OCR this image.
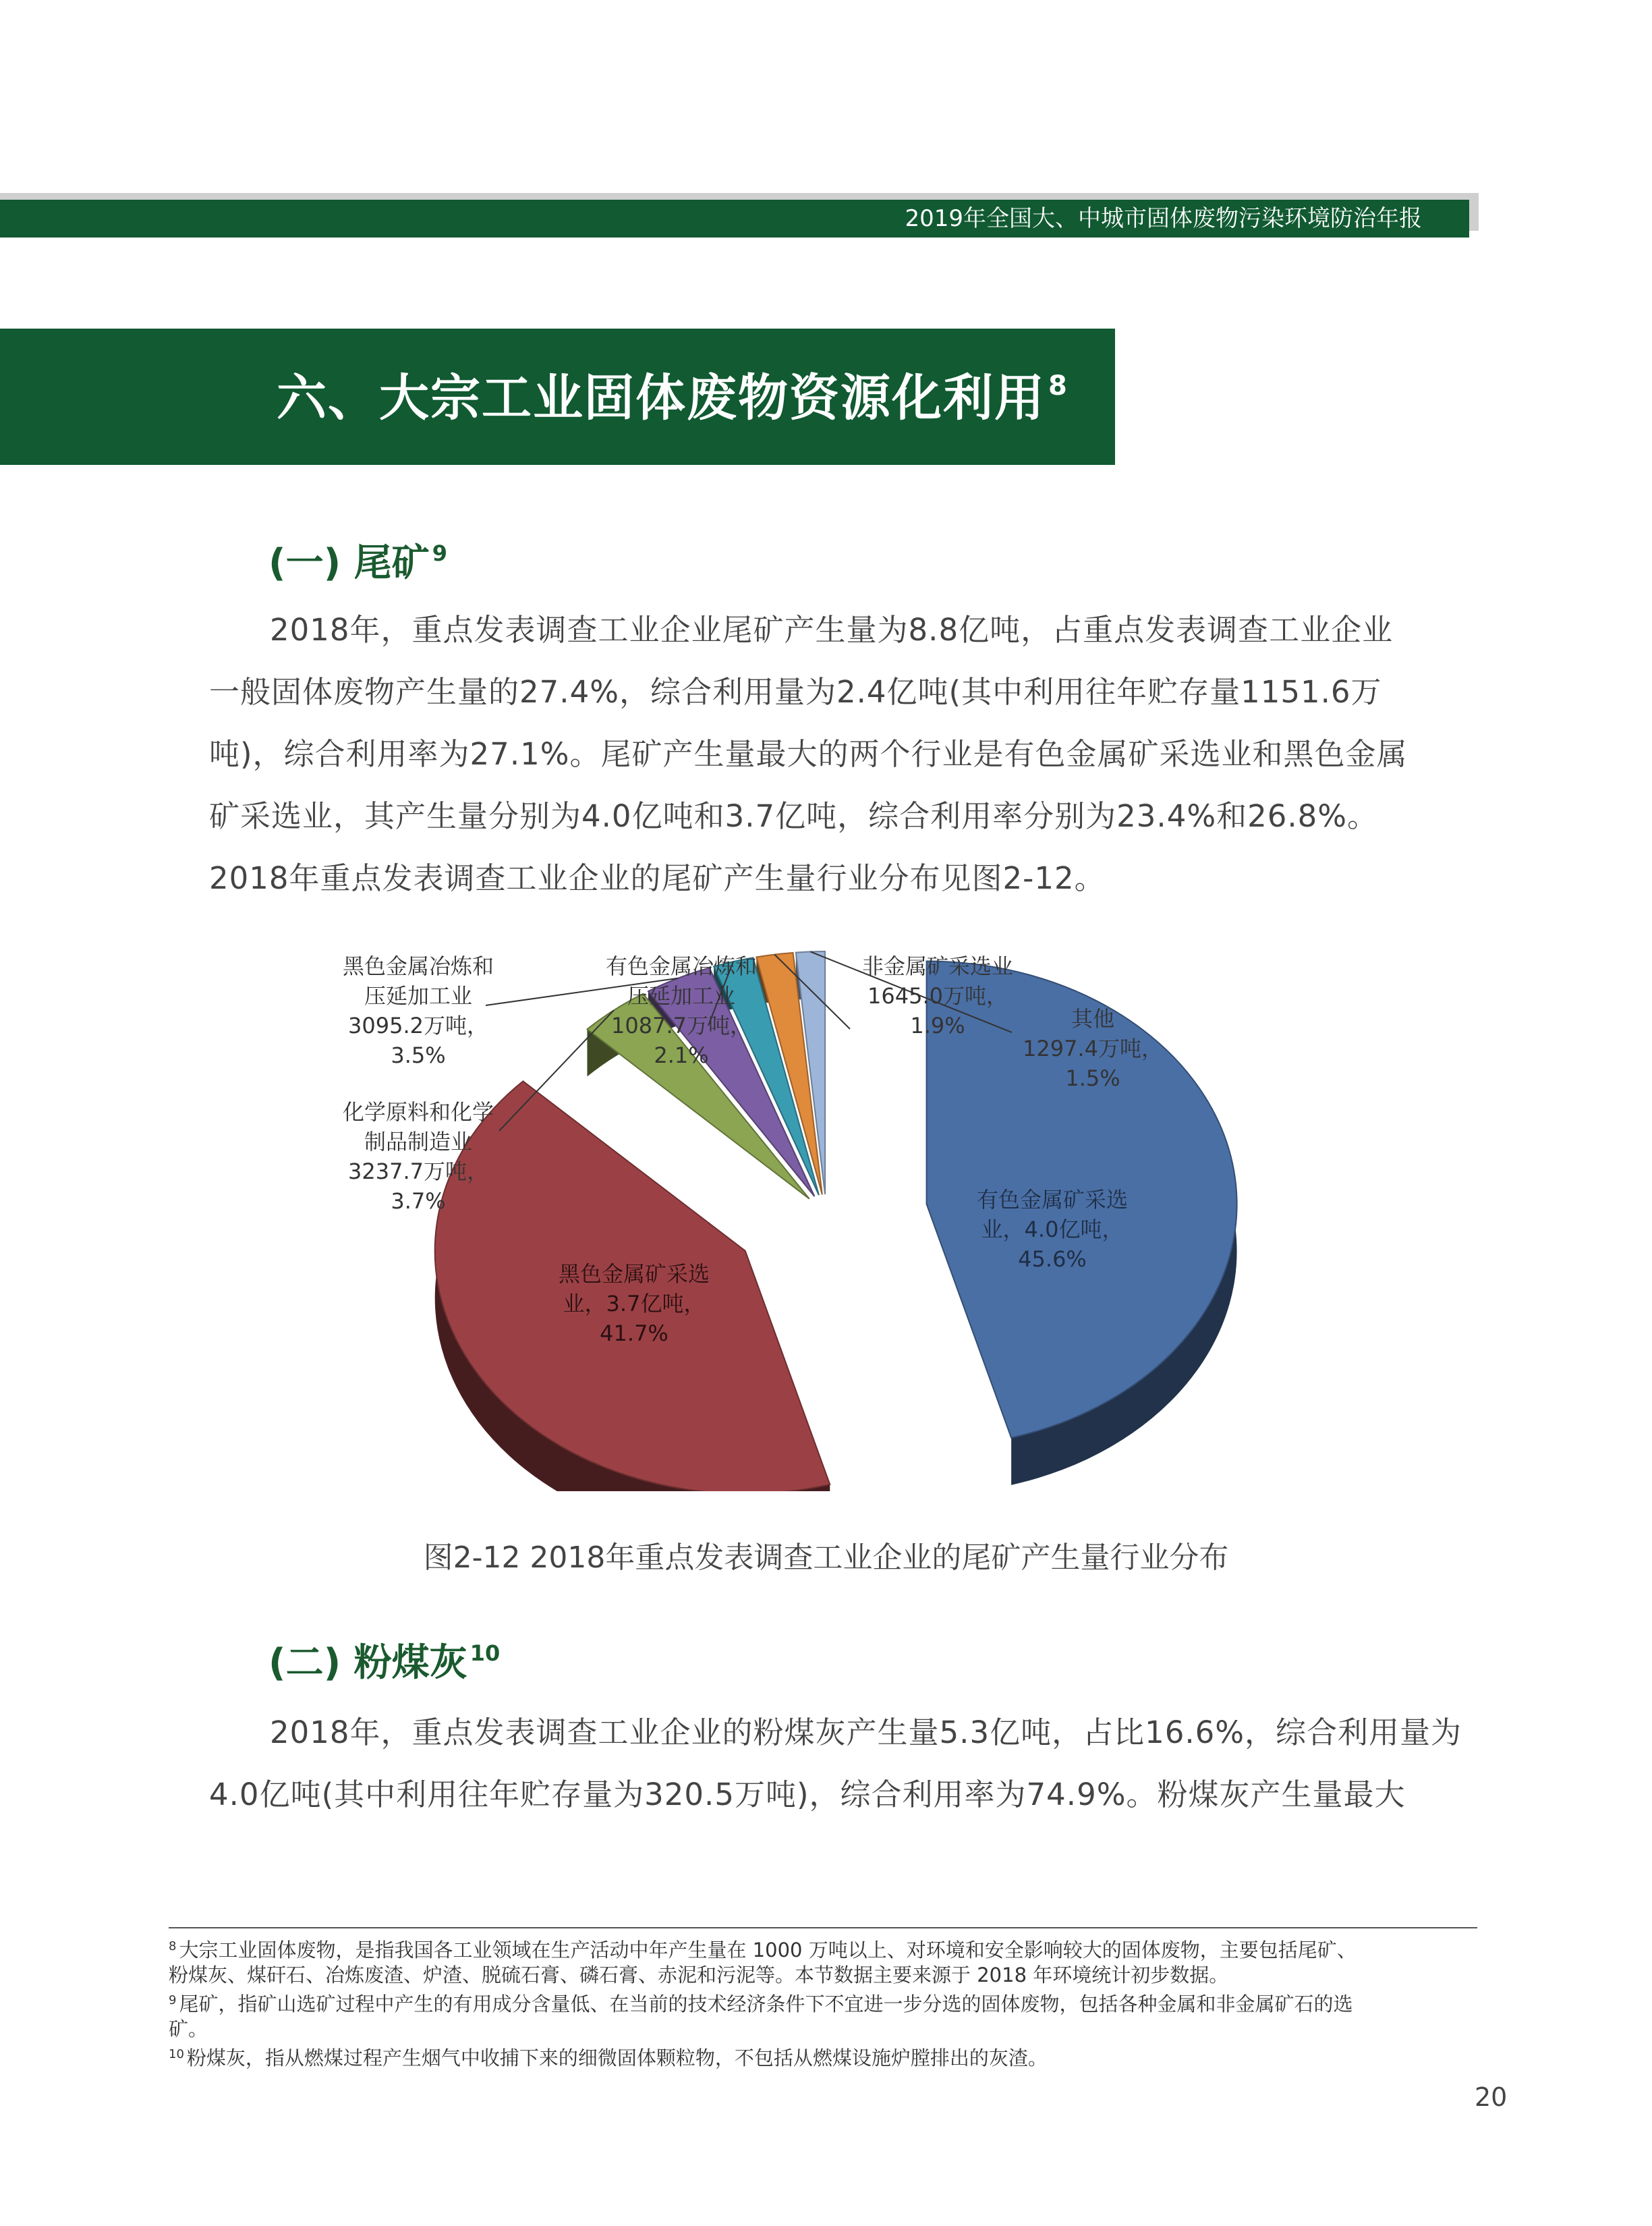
2019年全国大、中城市固体废物污染环境防治年报
六、大宗工业固体废物资源化利用 $^8$
(一) 尾矿 $^9$
2018年，重点发表调查工业企业尾矿产生量为8.8亿吨，占重点发表调查工业企业
一般固体废物产生量的27.4%，综合利用量为2.4亿吨(其中利用往年贮存量1151.6万
吨)，综合利用率为27.1%。尾矿产生量最大的两个行业是有色金属矿采选业和黑色金属
矿采选业，其产生量分别为4.0亿吨和3.7亿吨，综合利用率分别为23.4%和26.8%。
2018年重点发表调查工业企业的尾矿产生量行业分布见图2-12。
黑色金属冶炼和
压延加工业
3095.2万吨，
3.5%
有色金属冶炼和
压延加工业
1087.7万吨，
2.1%
非金属矿采选业
1645.0万吨，
1.9%	其他
1297.4万吨，
1.5%
化学原料和化学
制品制造业
3237.7万吨，
3.7%	有色金属矿采选
业，4.0亿吨，
45.6%
黑色金属矿采选
业，3.7亿吨，
41.7%
图2-12 2018年重点发表调查工业企业的尾矿产生量行业分布
(二) 粉煤灰 $^{10}$
2018年，重点发表调查工业企业的粉煤灰产生量5.3亿吨，占比16.6%，综合利用量为
4.0亿吨(其中利用往年贮存量为320.5万吨)，综合利用率为74.9%。粉煤灰产生量最大
$^8$ 大宗工业固体废物，是指我国各工业领域在生产活动中年产生量在 1000 万吨以上、对环境和安全影响较大的固体废物，主要包括尾矿、
粉煤灰、煤矸石、冶炼废渣、炉渣、脱硫石膏、磷石膏、赤泥和污泥等。本节数据主要来源于 2018 年环境统计初步数据。
$^9$ 尾矿，指矿山选矿过程中产生的有用成分含量低、在当前的技术经济条件下不宜进一步分选的固体废物，包括各种金属和非金属矿石的选
矿。
$^{10}$ 粉煤灰，指从燃煤过程产生烟气中收捕下来的细微固体颗粒物，不包括从燃煤设施炉膛排出的灰渣。
20
